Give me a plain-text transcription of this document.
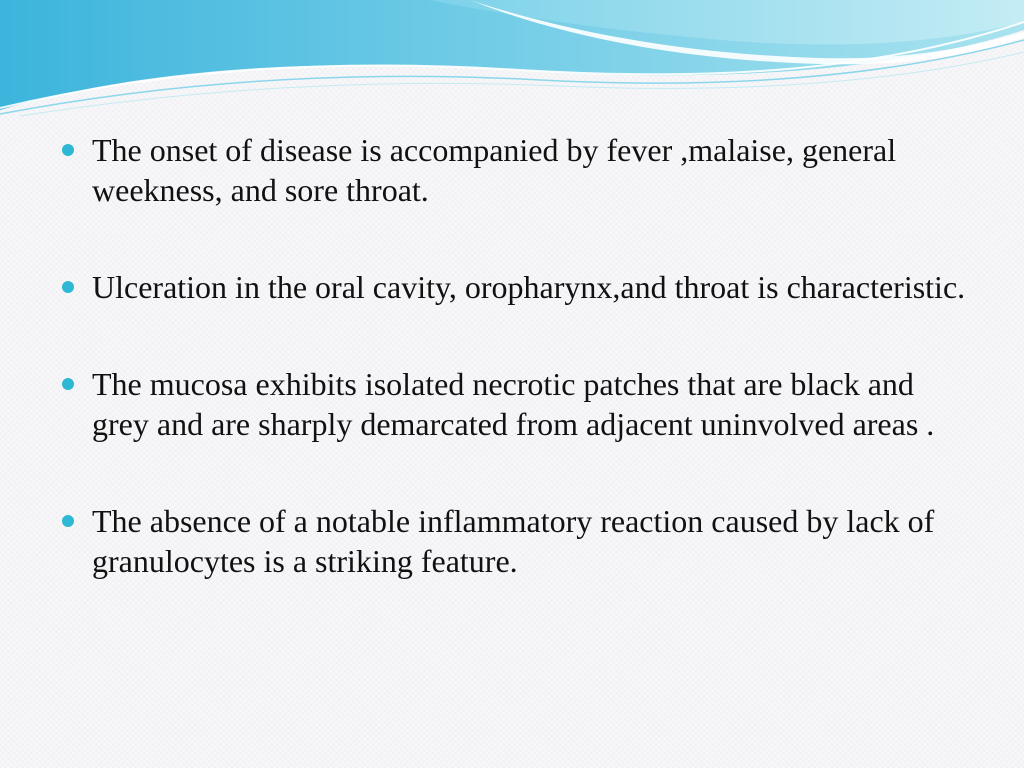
The onset of disease is accompanied by fever ,malaise, general weekness, and sore throat.
Ulceration in the oral cavity, oropharynx,and throat is characteristic.
The mucosa exhibits isolated necrotic patches that are black and grey and are sharply demarcated from adjacent uninvolved areas .
The absence of a notable inflammatory reaction caused by lack of granulocytes is a striking feature.
